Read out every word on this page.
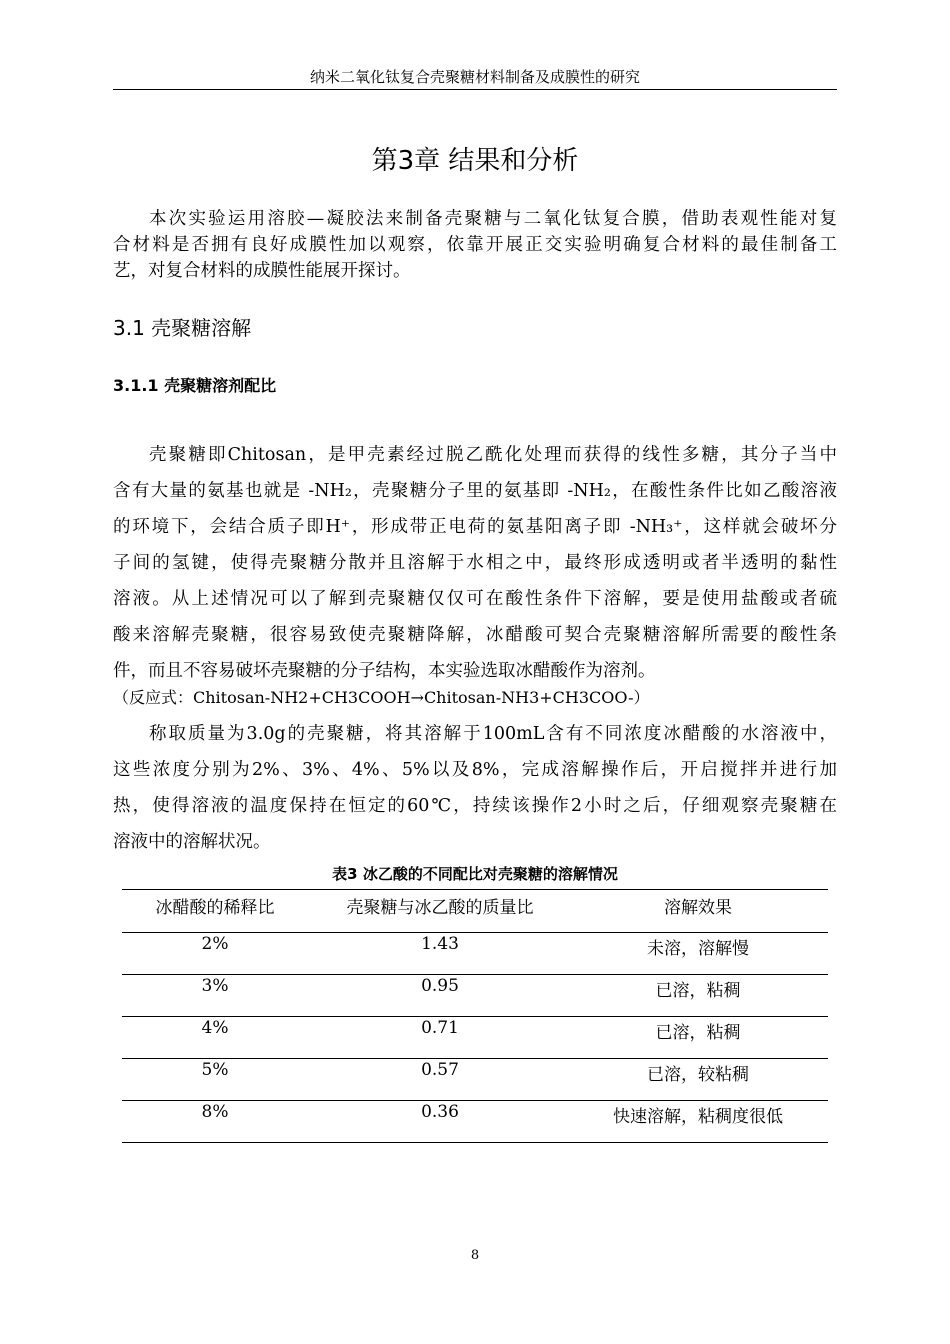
纳米二氧化钛复合壳聚糖材料制备及成膜性的研究
第3章 结果和分析
本次实验运用溶胶—凝胶法来制备壳聚糖与二氧化钛复合膜，借助表观性能对复
合材料是否拥有良好成膜性加以观察，依靠开展正交实验明确复合材料的最佳制备工
艺，对复合材料的成膜性能展开探讨。
3.1 壳聚糖溶解
3.1.1 壳聚糖溶剂配比
壳聚糖即Chitosan，是甲壳素经过脱乙酰化处理而获得的线性多糖，其分子当中
含有大量的氨基也就是 -NH₂，壳聚糖分子里的氨基即 -NH₂，在酸性条件比如乙酸溶液
的环境下，会结合质子即H⁺，形成带正电荷的氨基阳离子即 -NH₃⁺，这样就会破坏分
子间的氢键，使得壳聚糖分散并且溶解于水相之中，最终形成透明或者半透明的黏性
溶液。从上述情况可以了解到壳聚糖仅仅可在酸性条件下溶解，要是使用盐酸或者硫
酸来溶解壳聚糖，很容易致使壳聚糖降解，冰醋酸可契合壳聚糖溶解所需要的酸性条
件，而且不容易破坏壳聚糖的分子结构，本实验选取冰醋酸作为溶剂。
（反应式：Chitosan-NH2+CH3COOH→Chitosan-NH3+CH3COO-）
称取质量为3.0g的壳聚糖，将其溶解于100mL含有不同浓度冰醋酸的水溶液中，
这些浓度分别为2%、3%、4%、5%以及8%，完成溶解操作后，开启搅拌并进行加
热，使得溶液的温度保持在恒定的60℃，持续该操作2小时之后，仔细观察壳聚糖在
溶液中的溶解状况。
表3 冰乙酸的不同配比对壳聚糖的溶解情况
冰醋酸的稀释比	壳聚糖与冰乙酸的质量比	溶解效果
2%	1.43	未溶，溶解慢
3%	0.95	已溶，粘稠
4%	0.71	已溶，粘稠
5%	0.57	已溶，较粘稠
8%	0.36	快速溶解，粘稠度很低
8
